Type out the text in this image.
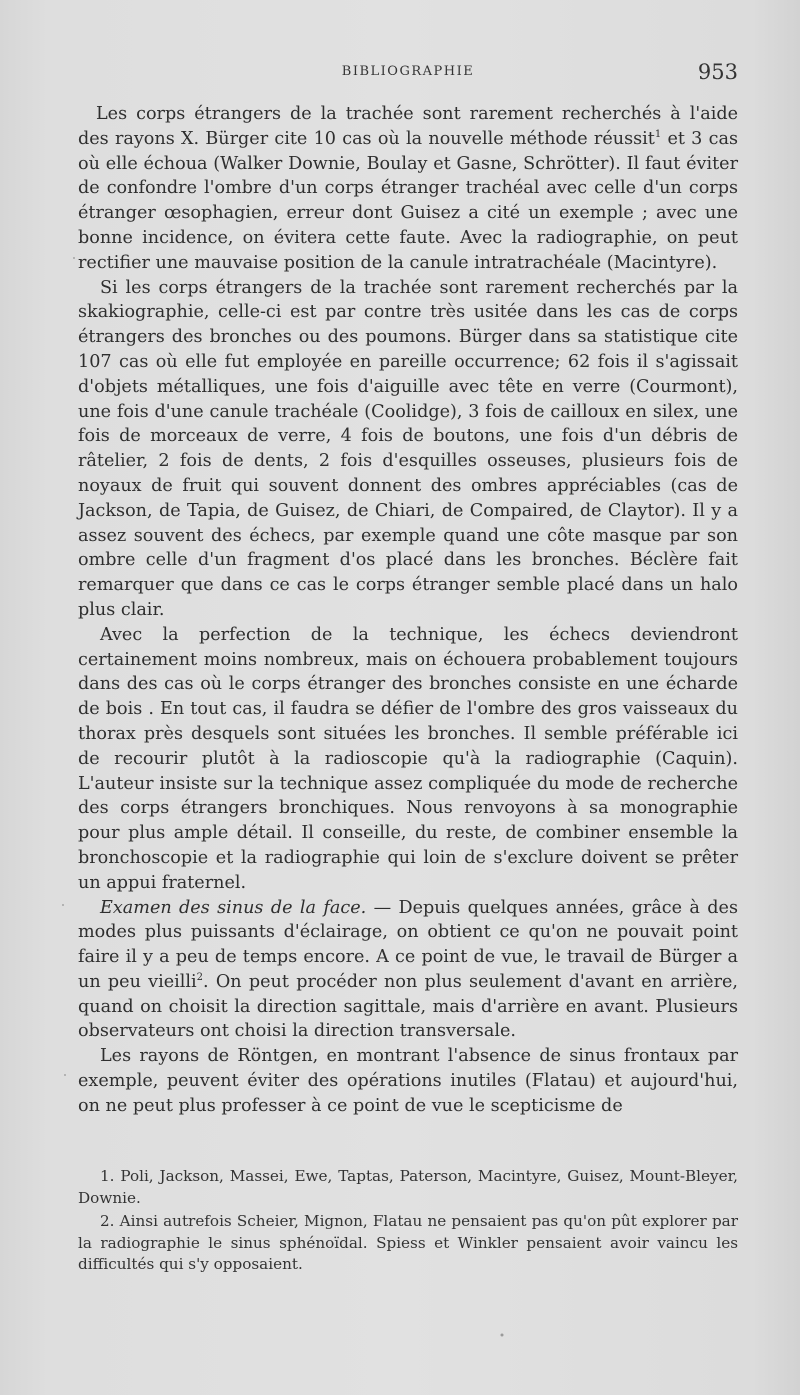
BIBLIOGRAPHIE	953

Les corps étrangers de la trachée sont rarement recherchés à l'aide des rayons X. Bürger cite 10 cas où la nouvelle méthode réussit$^1$ et 3 cas où elle échoua (Walker Downie, Boulay et Gasne, Schrötter). Il faut éviter de confondre l'ombre d'un corps étranger trachéal avec celle d'un corps étranger œsophagien, erreur dont Guisez a cité un exemple ; avec une bonne incidence, on évitera cette faute. Avec la radiographie, on peut rectifier une mauvaise position de la canule intratrachéale (Macintyre).

Si les corps étrangers de la trachée sont rarement recherchés par la skakiographie, celle-ci est par contre très usitée dans les cas de corps étrangers des bronches ou des poumons. Bürger dans sa statistique cite 107 cas où elle fut employée en pareille occurrence; 62 fois il s'agissait d'objets métalliques, une fois d'aiguille avec tête en verre (Courmont), une fois d'une canule trachéale (Coolidge), 3 fois de cailloux en silex, une fois de morceaux de verre, 4 fois de boutons, une fois d'un débris de râtelier, 2 fois de dents, 2 fois d'esquilles osseuses, plusieurs fois de noyaux de fruit qui souvent donnent des ombres appréciables (cas de Jackson, de Tapia, de Guisez, de Chiari, de Compaired, de Claytor). Il y a assez souvent des échecs, par exemple quand une côte masque par son ombre celle d'un fragment d'os placé dans les bronches. Béclère fait remarquer que dans ce cas le corps étranger semble placé dans un halo plus clair.

Avec la perfection de la technique, les échecs deviendront certainement moins nombreux, mais on échouera probablement toujours dans des cas où le corps étranger des bronches consiste en une écharde de bois . En tout cas, il faudra se défier de l'ombre des gros vaisseaux du thorax près desquels sont situées les bronches. Il semble préférable ici de recourir plutôt à la radioscopie qu'à la radiographie (Caquin). L'auteur insiste sur la technique assez compliquée du mode de recherche des corps étrangers bronchiques. Nous renvoyons à sa monographie pour plus ample détail. Il conseille, du reste, de combiner ensemble la bronchoscopie et la radiographie qui loin de s'exclure doivent se prêter un appui fraternel.

Examen des sinus de la face. — Depuis quelques années, grâce à des modes plus puissants d'éclairage, on obtient ce qu'on ne pouvait point faire il y a peu de temps encore. A ce point de vue, le travail de Bürger a un peu vieilli$^2$. On peut procéder non plus seulement d'avant en arrière, quand on choisit la direction sagittale, mais d'arrière en avant. Plusieurs observateurs ont choisi la direction transversale.

Les rayons de Röntgen, en montrant l'absence de sinus frontaux par exemple, peuvent éviter des opérations inutiles (Flatau) et aujourd'hui, on ne peut plus professer à ce point de vue le scepticisme de

1. Poli, Jackson, Massei, Ewe, Taptas, Paterson, Macintyre, Guisez, Mount-Bleyer, Downie.

2. Ainsi autrefois Scheier, Mignon, Flatau ne pensaient pas qu'on pût explorer par la radiographie le sinus sphénoïdal. Spiess et Winkler pensaient avoir vaincu les difficultés qui s'y opposaient.
